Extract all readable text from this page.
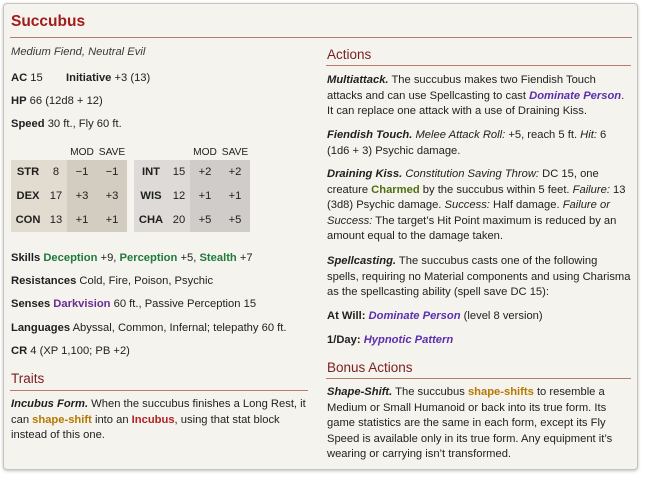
Succubus
Medium Fiend, Neutral Evil
AC 15 Initiative +3 (13)
HP 66 (12d8 + 12)
Speed 30 ft., Fly 60 ft.
		MOD	SAVE
STR	8	−1	−1
DEX	17	+3	+3
CON	13	+1	+1
		MOD	SAVE
INT	15	+2	+2
WIS	12	+1	+1
CHA	20	+5	+5
Skills Deception +9, Perception +5, Stealth +7
Resistances Cold, Fire, Poison, Psychic
Senses Darkvision 60 ft., Passive Perception 15
Languages Abyssal, Common, Infernal; telepathy 60 ft.
CR 4 (XP 1,100; PB +2)
Traits
Incubus Form. When the succubus finishes a Long Rest, it can shape-shift into an Incubus, using that stat block instead of this one.
Actions
Multiattack. The succubus makes two Fiendish Touch attacks and can use Spellcasting to cast Dominate Person. It can replace one attack with a use of Draining Kiss.
Fiendish Touch. Melee Attack Roll: +5, reach 5 ft. Hit: 6 (1d6 + 3) Psychic damage.
Draining Kiss. Constitution Saving Throw: DC 15, one creature Charmed by the succubus within 5 feet. Failure: 13 (3d8) Psychic damage. Success: Half damage. Failure or Success: The target’s Hit Point maximum is reduced by an amount equal to the damage taken.
Spellcasting. The succubus casts one of the following spells, requiring no Material components and using Charisma as the spellcasting ability (spell save DC 15):
At Will: Dominate Person (level 8 version)
1/Day: Hypnotic Pattern
Bonus Actions
Shape-Shift. The succubus shape-shifts to resemble a Medium or Small Humanoid or back into its true form. Its game statistics are the same in each form, except its Fly Speed is available only in its true form. Any equipment it’s wearing or carrying isn’t transformed.
